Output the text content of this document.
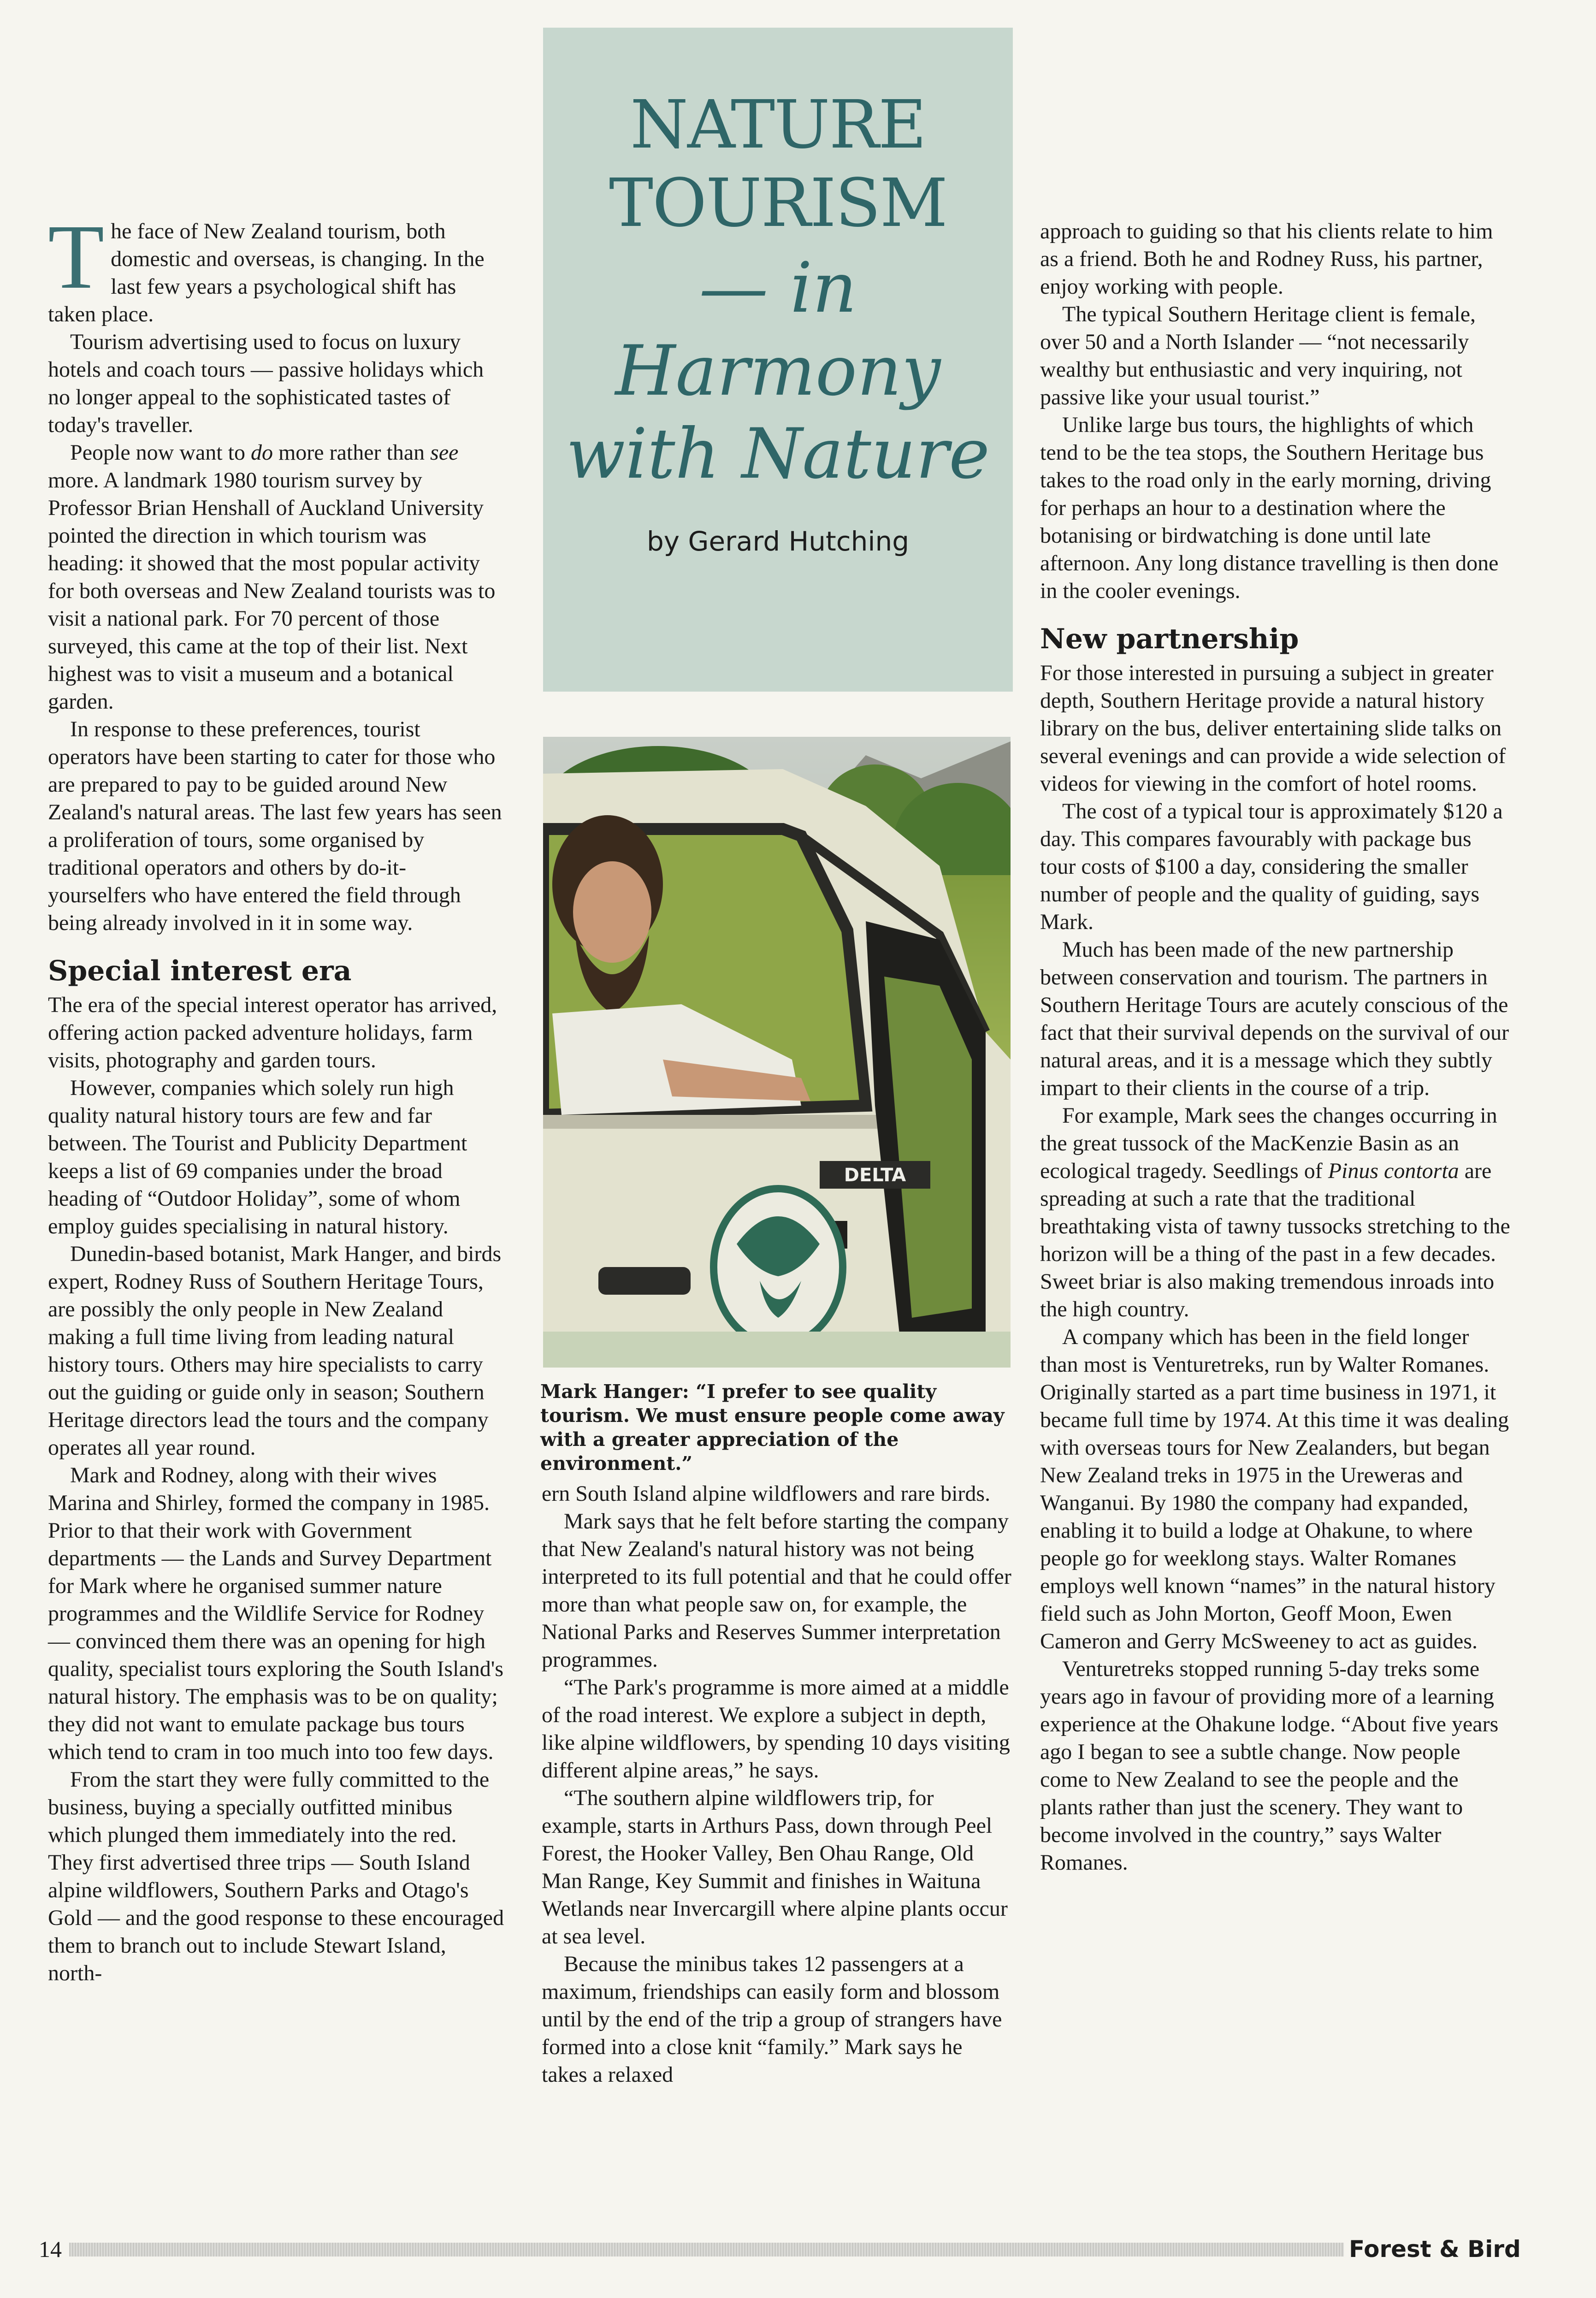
The face of New Zealand tourism, both domestic and overseas, is changing. In the last few years a psychological shift has taken place.

Tourism advertising used to focus on luxury hotels and coach tours — passive holidays which no longer appeal to the sophisticated tastes of today's traveller.

People now want to do more rather than see more. A landmark 1980 tourism survey by Professor Brian Henshall of Auckland University pointed the direction in which tourism was heading: it showed that the most popular activity for both overseas and New Zealand tourists was to visit a national park. For 70 percent of those surveyed, this came at the top of their list. Next highest was to visit a museum and a botanical garden.

In response to these preferences, tourist operators have been starting to cater for those who are prepared to pay to be guided around New Zealand's natural areas. The last few years has seen a proliferation of tours, some organised by traditional operators and others by do-it-yourselfers who have entered the field through being already involved in it in some way.

Special interest era

The era of the special interest operator has arrived, offering action packed adventure holidays, farm visits, photography and garden tours.

However, companies which solely run high quality natural history tours are few and far between. The Tourist and Publicity Department keeps a list of 69 companies under the broad heading of “Outdoor Holiday”, some of whom employ guides specialising in natural history.

Dunedin-based botanist, Mark Hanger, and birds expert, Rodney Russ of Southern Heritage Tours, are possibly the only people in New Zealand making a full time living from leading natural history tours. Others may hire specialists to carry out the guiding or guide only in season; Southern Heritage directors lead the tours and the company operates all year round.

Mark and Rodney, along with their wives Marina and Shirley, formed the company in 1985. Prior to that their work with Government departments — the Lands and Survey Department for Mark where he organised summer nature programmes and the Wildlife Service for Rodney — convinced them there was an opening for high quality, specialist tours exploring the South Island's natural history. The emphasis was to be on quality; they did not want to emulate package bus tours which tend to cram in too much into too few days.

From the start they were fully committed to the business, buying a specially outfitted minibus which plunged them immediately into the red. They first advertised three trips — South Island alpine wildflowers, Southern Parks and Otago's Gold — and the good response to these encouraged them to branch out to include Stewart Island, north-

NATURE
TOURISM
— in
Harmony
with Nature
by Gerard Hutching
DELTA
Mark Hanger: “I prefer to see quality tourism. We must ensure people come away with a greater appreciation of the environment.”

ern South Island alpine wildflowers and rare birds.

Mark says that he felt before starting the company that New Zealand's natural history was not being interpreted to its full potential and that he could offer more than what people saw on, for example, the National Parks and Reserves Summer interpretation programmes.

“The Park's programme is more aimed at a middle of the road interest. We explore a subject in depth, like alpine wildflowers, by spending 10 days visiting different alpine areas,” he says.

“The southern alpine wildflowers trip, for example, starts in Arthurs Pass, down through Peel Forest, the Hooker Valley, Ben Ohau Range, Old Man Range, Key Summit and finishes in Waituna Wetlands near Invercargill where alpine plants occur at sea level.

Because the minibus takes 12 passengers at a maximum, friendships can easily form and blossom until by the end of the trip a group of strangers have formed into a close knit “family.” Mark says he takes a relaxed

approach to guiding so that his clients relate to him as a friend. Both he and Rodney Russ, his partner, enjoy working with people.

The typical Southern Heritage client is female, over 50 and a North Islander — “not necessarily wealthy but enthusiastic and very inquiring, not passive like your usual tourist.”

Unlike large bus tours, the highlights of which tend to be the tea stops, the Southern Heritage bus takes to the road only in the early morning, driving for perhaps an hour to a destination where the botanising or birdwatching is done until late afternoon. Any long distance travelling is then done in the cooler evenings.

New partnership

For those interested in pursuing a subject in greater depth, Southern Heritage provide a natural history library on the bus, deliver entertaining slide talks on several evenings and can provide a wide selection of videos for viewing in the comfort of hotel rooms.

The cost of a typical tour is approximately $120 a day. This compares favourably with package bus tour costs of $100 a day, considering the smaller number of people and the quality of guiding, says Mark.

Much has been made of the new partnership between conservation and tourism. The partners in Southern Heritage Tours are acutely conscious of the fact that their survival depends on the survival of our natural areas, and it is a message which they subtly impart to their clients in the course of a trip.

For example, Mark sees the changes occurring in the great tussock of the MacKenzie Basin as an ecological tragedy. Seedlings of Pinus contorta are spreading at such a rate that the traditional breathtaking vista of tawny tussocks stretching to the horizon will be a thing of the past in a few decades. Sweet briar is also making tremendous inroads into the high country.

A company which has been in the field longer than most is Venturetreks, run by Walter Romanes. Originally started as a part time business in 1971, it became full time by 1974. At this time it was dealing with overseas tours for New Zealanders, but began New Zealand treks in 1975 in the Ureweras and Wanganui. By 1980 the company had expanded, enabling it to build a lodge at Ohakune, to where people go for weeklong stays. Walter Romanes employs well known “names” in the natural history field such as John Morton, Geoff Moon, Ewen Cameron and Gerry McSweeney to act as guides.

Venturetreks stopped running 5-day treks some years ago in favour of providing more of a learning experience at the Ohakune lodge. “About five years ago I began to see a subtle change. Now people come to New Zealand to see the people and the plants rather than just the scenery. They want to become involved in the country,” says Walter Romanes.

14	Forest & Bird
